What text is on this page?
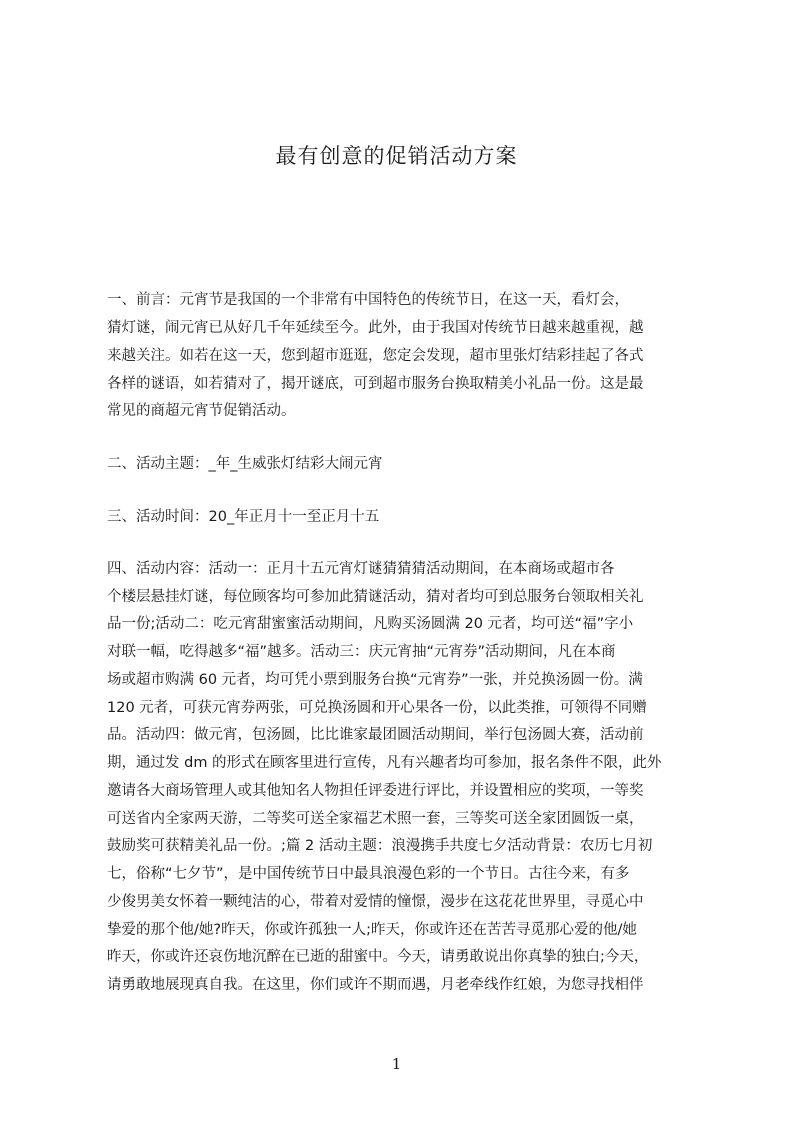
最有创意的促销活动方案
一、前言：元宵节是我国的一个非常有中国特色的传统节日，在这一天，看灯会，
猜灯谜，闹元宵已从好几千年延续至今。此外，由于我国对传统节日越来越重视，越
来越关注。如若在这一天，您到超市逛逛，您定会发现，超市里张灯结彩挂起了各式
各样的谜语，如若猜对了，揭开谜底，可到超市服务台换取精美小礼品一份。这是最
常见的商超元宵节促销活动。
二、活动主题：_年_生威张灯结彩大闹元宵
三、活动时间：20_年正月十一至正月十五
四、活动内容：活动一：正月十五元宵灯谜猜猜猜活动期间，在本商场或超市各
个楼层悬挂灯谜，每位顾客均可参加此猜谜活动，猜对者均可到总服务台领取相关礼
品一份;活动二：吃元宵甜蜜蜜活动期间，凡购买汤圆满 20 元者，均可送“福”字小
对联一幅，吃得越多“福”越多。活动三：庆元宵抽“元宵券”活动期间，凡在本商
场或超市购满 60 元者，均可凭小票到服务台换“元宵券”一张，并兑换汤圆一份。满
120 元者，可获元宵券两张，可兑换汤圆和开心果各一份，以此类推，可领得不同赠
品。活动四：做元宵，包汤圆，比比谁家最团圆活动期间，举行包汤圆大赛，活动前
期，通过发 dm 的形式在顾客里进行宣传，凡有兴趣者均可参加，报名条件不限，此外
邀请各大商场管理人或其他知名人物担任评委进行评比，并设置相应的奖项，一等奖
可送省内全家两天游，二等奖可送全家福艺术照一套，三等奖可送全家团圆饭一桌，
鼓励奖可获精美礼品一份。;篇 2 活动主题：浪漫携手共度七夕活动背景：农历七月初
七，俗称“七夕节”，是中国传统节日中最具浪漫色彩的一个节日。古往今来，有多
少俊男美女怀着一颗纯洁的心，带着对爱情的憧憬，漫步在这花花世界里，寻觅心中
挚爱的那个他/她?昨天，你或许孤独一人;昨天，你或许还在苦苦寻觅那心爱的他/她
昨天，你或许还哀伤地沉醉在已逝的甜蜜中。今天，请勇敢说出你真挚的独白;今天，
请勇敢地展现真自我。在这里，你们或许不期而遇，月老牵线作红娘，为您寻找相伴
1
